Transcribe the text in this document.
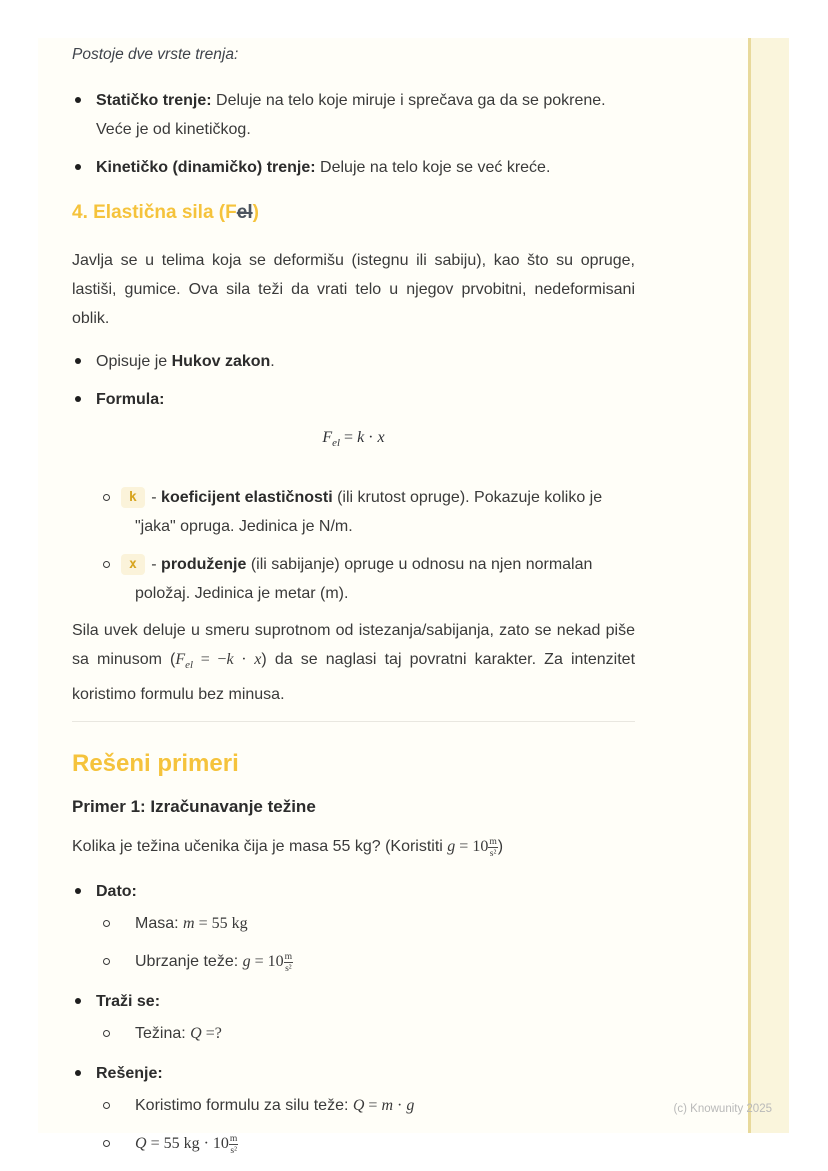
Postoje dve vrste trenja:

Statičko trenje: Deluje na telo koje miruje i sprečava ga da se pokrene. Veće je od kinetičkog.
Kinetičko (dinamičko) trenje: Deluje na telo koje se već kreće.
4. Elastična sila (Fel)

Javlja se u telima koja se deformišu (istegnu ili sabiju), kao što su opruge, lastiši, gumice. Ova sila teži da vrati telo u njegov prvobitni, nedeformisani oblik.

Opisuje je Hukov zakon.
Formula:
$F_{el} = k \cdot x$
k - koeficijent elastičnosti (ili krutost opruge). Pokazuje koliko je "jaka" opruga. Jedinica je N/m.
x - produženje (ili sabijanje) opruge u odnosu na njen normalan položaj. Jedinica je metar (m).

Sila uvek deluje u smeru suprotnom od istezanja/sabijanja, zato se nekad piše sa minusom $(F_{el} = -k \cdot x)$ da se naglasi taj povratni karakter. Za intenzitet koristimo formulu bez minusa.

Rešeni primeri
Primer 1: Izračunavanje težine

Kolika je težina učenika čija je masa 55 kg? (Koristiti $g = 10 \frac{m}{\text{s²}}$ )

Dato:
Masa: m = 55 kg
Ubrzanje teže: $g = 10 \frac{m}{\text{s²}}$
Traži se:
Težina: Q =?
Rešenje:
Koristimo formulu za silu teže: Q = m · g
Q = 55 kg · $10 \frac{m}{\text{s²}}$
(c) Knowunity 2025
